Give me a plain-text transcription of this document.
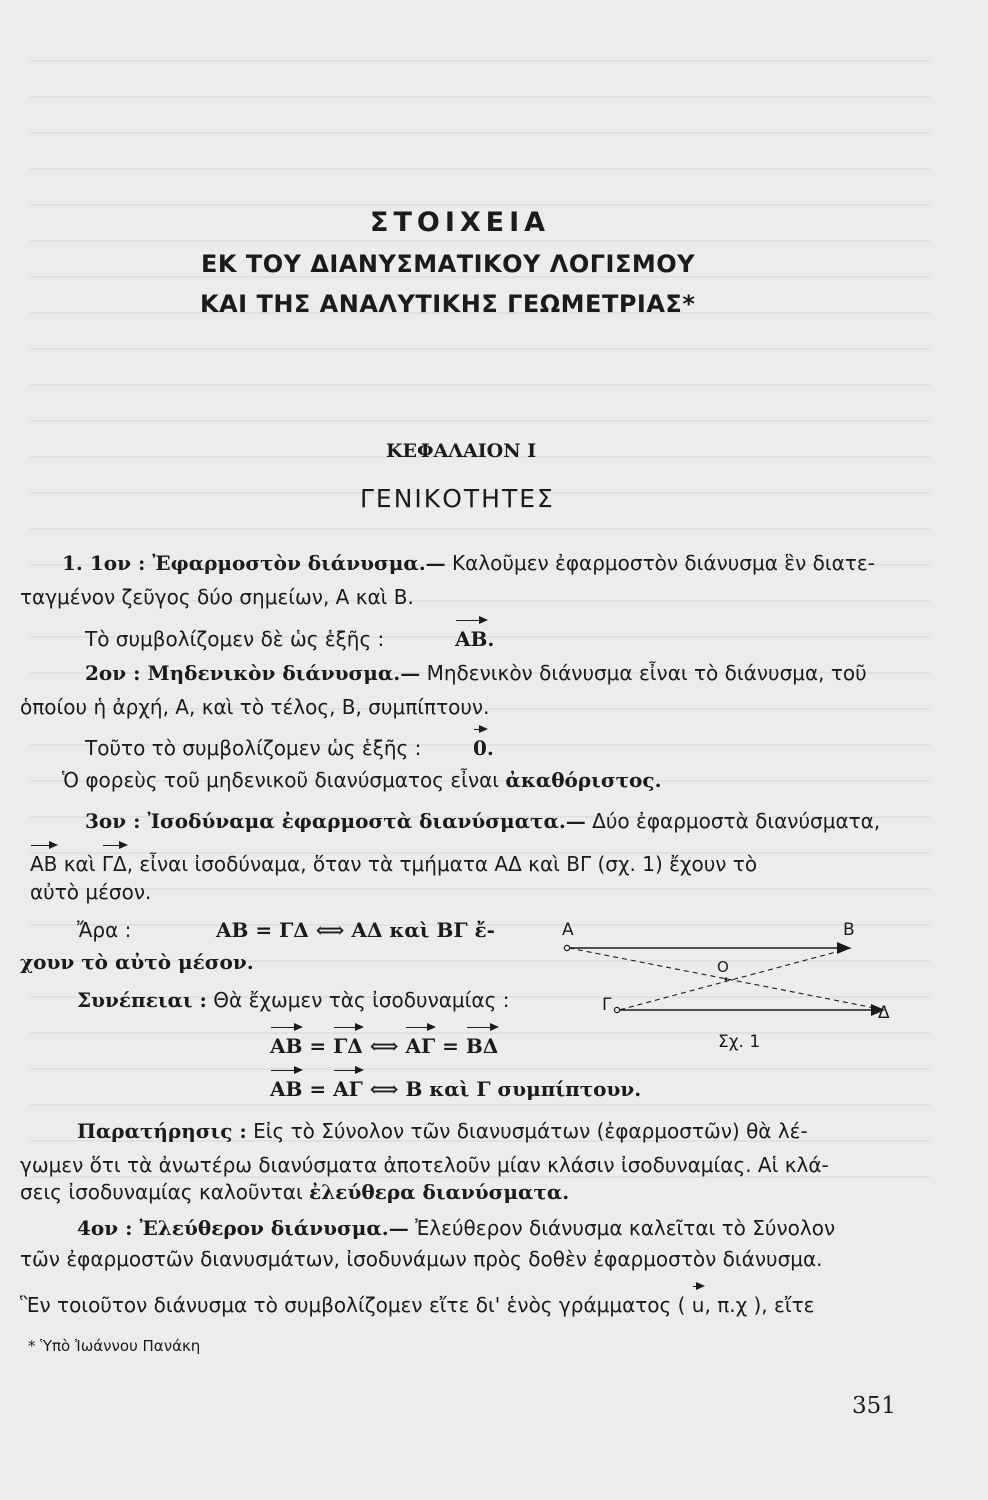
ΣΤΟΙΧΕΙΑ
ΕΚ ΤΟΥ ΔΙΑΝΥΣΜΑΤΙΚΟΥ ΛΟΓΙΣΜΟΥ
ΚΑΙ ΤΗΣ ΑΝΑΛΥΤΙΚΗΣ ΓΕΩΜΕΤΡΙΑΣ*
ΚΕΦΑΛΑΙΟΝ Ι
ΓΕΝΙΚΟΤΗΤΕΣ
1. 1ον : Ἐφαρμοστὸν διάνυσμα.— Καλοῦμεν ἐφαρμοστὸν διάνυσμα ἓν διατε-
ταγμένον ζεῦγος δύο σημείων, Α καὶ Β.
Τὸ συμβολίζομεν δὲ ὡς ἑξῆς :	ΑΒ.
2ον : Μηδενικὸν διάνυσμα.— Μηδενικὸν διάνυσμα εἶναι τὸ διάνυσμα, τοῦ
ὁποίου ἡ ἀρχή, Α, καὶ τὸ τέλος, Β, συμπίπτουν.
Τοῦτο τὸ συμβολίζομεν ὡς ἑξῆς :	0.
Ὁ φορεὺς τοῦ μηδενικοῦ διανύσματος εἶναι ἀκαθόριστος.
3ον : Ἰσοδύναμα ἐφαρμοστὰ διανύσματα.— Δύο ἐφαρμοστὰ διανύσματα,
ΑΒ καὶ ΓΔ, εἶναι ἰσοδύναμα, ὅταν τὰ τμήματα ΑΔ καὶ ΒΓ (σχ. 1) ἔχουν τὸ
αὐτὸ μέσον.
Ἄρα :	ΑΒ = ΓΔ ⟺ ΑΔ καὶ ΒΓ ἔ-
χουν τὸ αὐτὸ μέσον.
Συνέπειαι : Θὰ ἔχωμεν τὰς ἰσοδυναμίας :
ΑΒ = ΓΔ ⟺ ΑΓ = ΒΔ
ΑΒ = ΑΓ ⟺ Β καὶ Γ συμπίπτουν.
Α	Β
Ο
Γ	Δ
Σχ. 1
Παρατήρησις : Εἰς τὸ Σύνολον τῶν διανυσμάτων (ἐφαρμοστῶν) θὰ λέ-
γωμεν ὅτι τὰ ἀνωτέρω διανύσματα ἀποτελοῦν μίαν κλάσιν ἰσοδυναμίας. Αἱ κλά-
σεις ἰσοδυναμίας καλοῦνται ἐλεύθερα διανύσματα.
4ον : Ἐλεύθερον διάνυσμα.— Ἐλεύθερον διάνυσμα καλεῖται τὸ Σύνολον
τῶν ἐφαρμοστῶν διανυσμάτων, ἰσοδυνάμων πρὸς δοθὲν ἐφαρμοστὸν διάνυσμα.
Ἓν τοιοῦτον διάνυσμα τὸ συμβολίζομεν εἴτε δι' ἑνὸς γράμματος ( u, π.χ ), εἴτε
* Ὑπὸ Ἰωάννου Πανάκη
351
